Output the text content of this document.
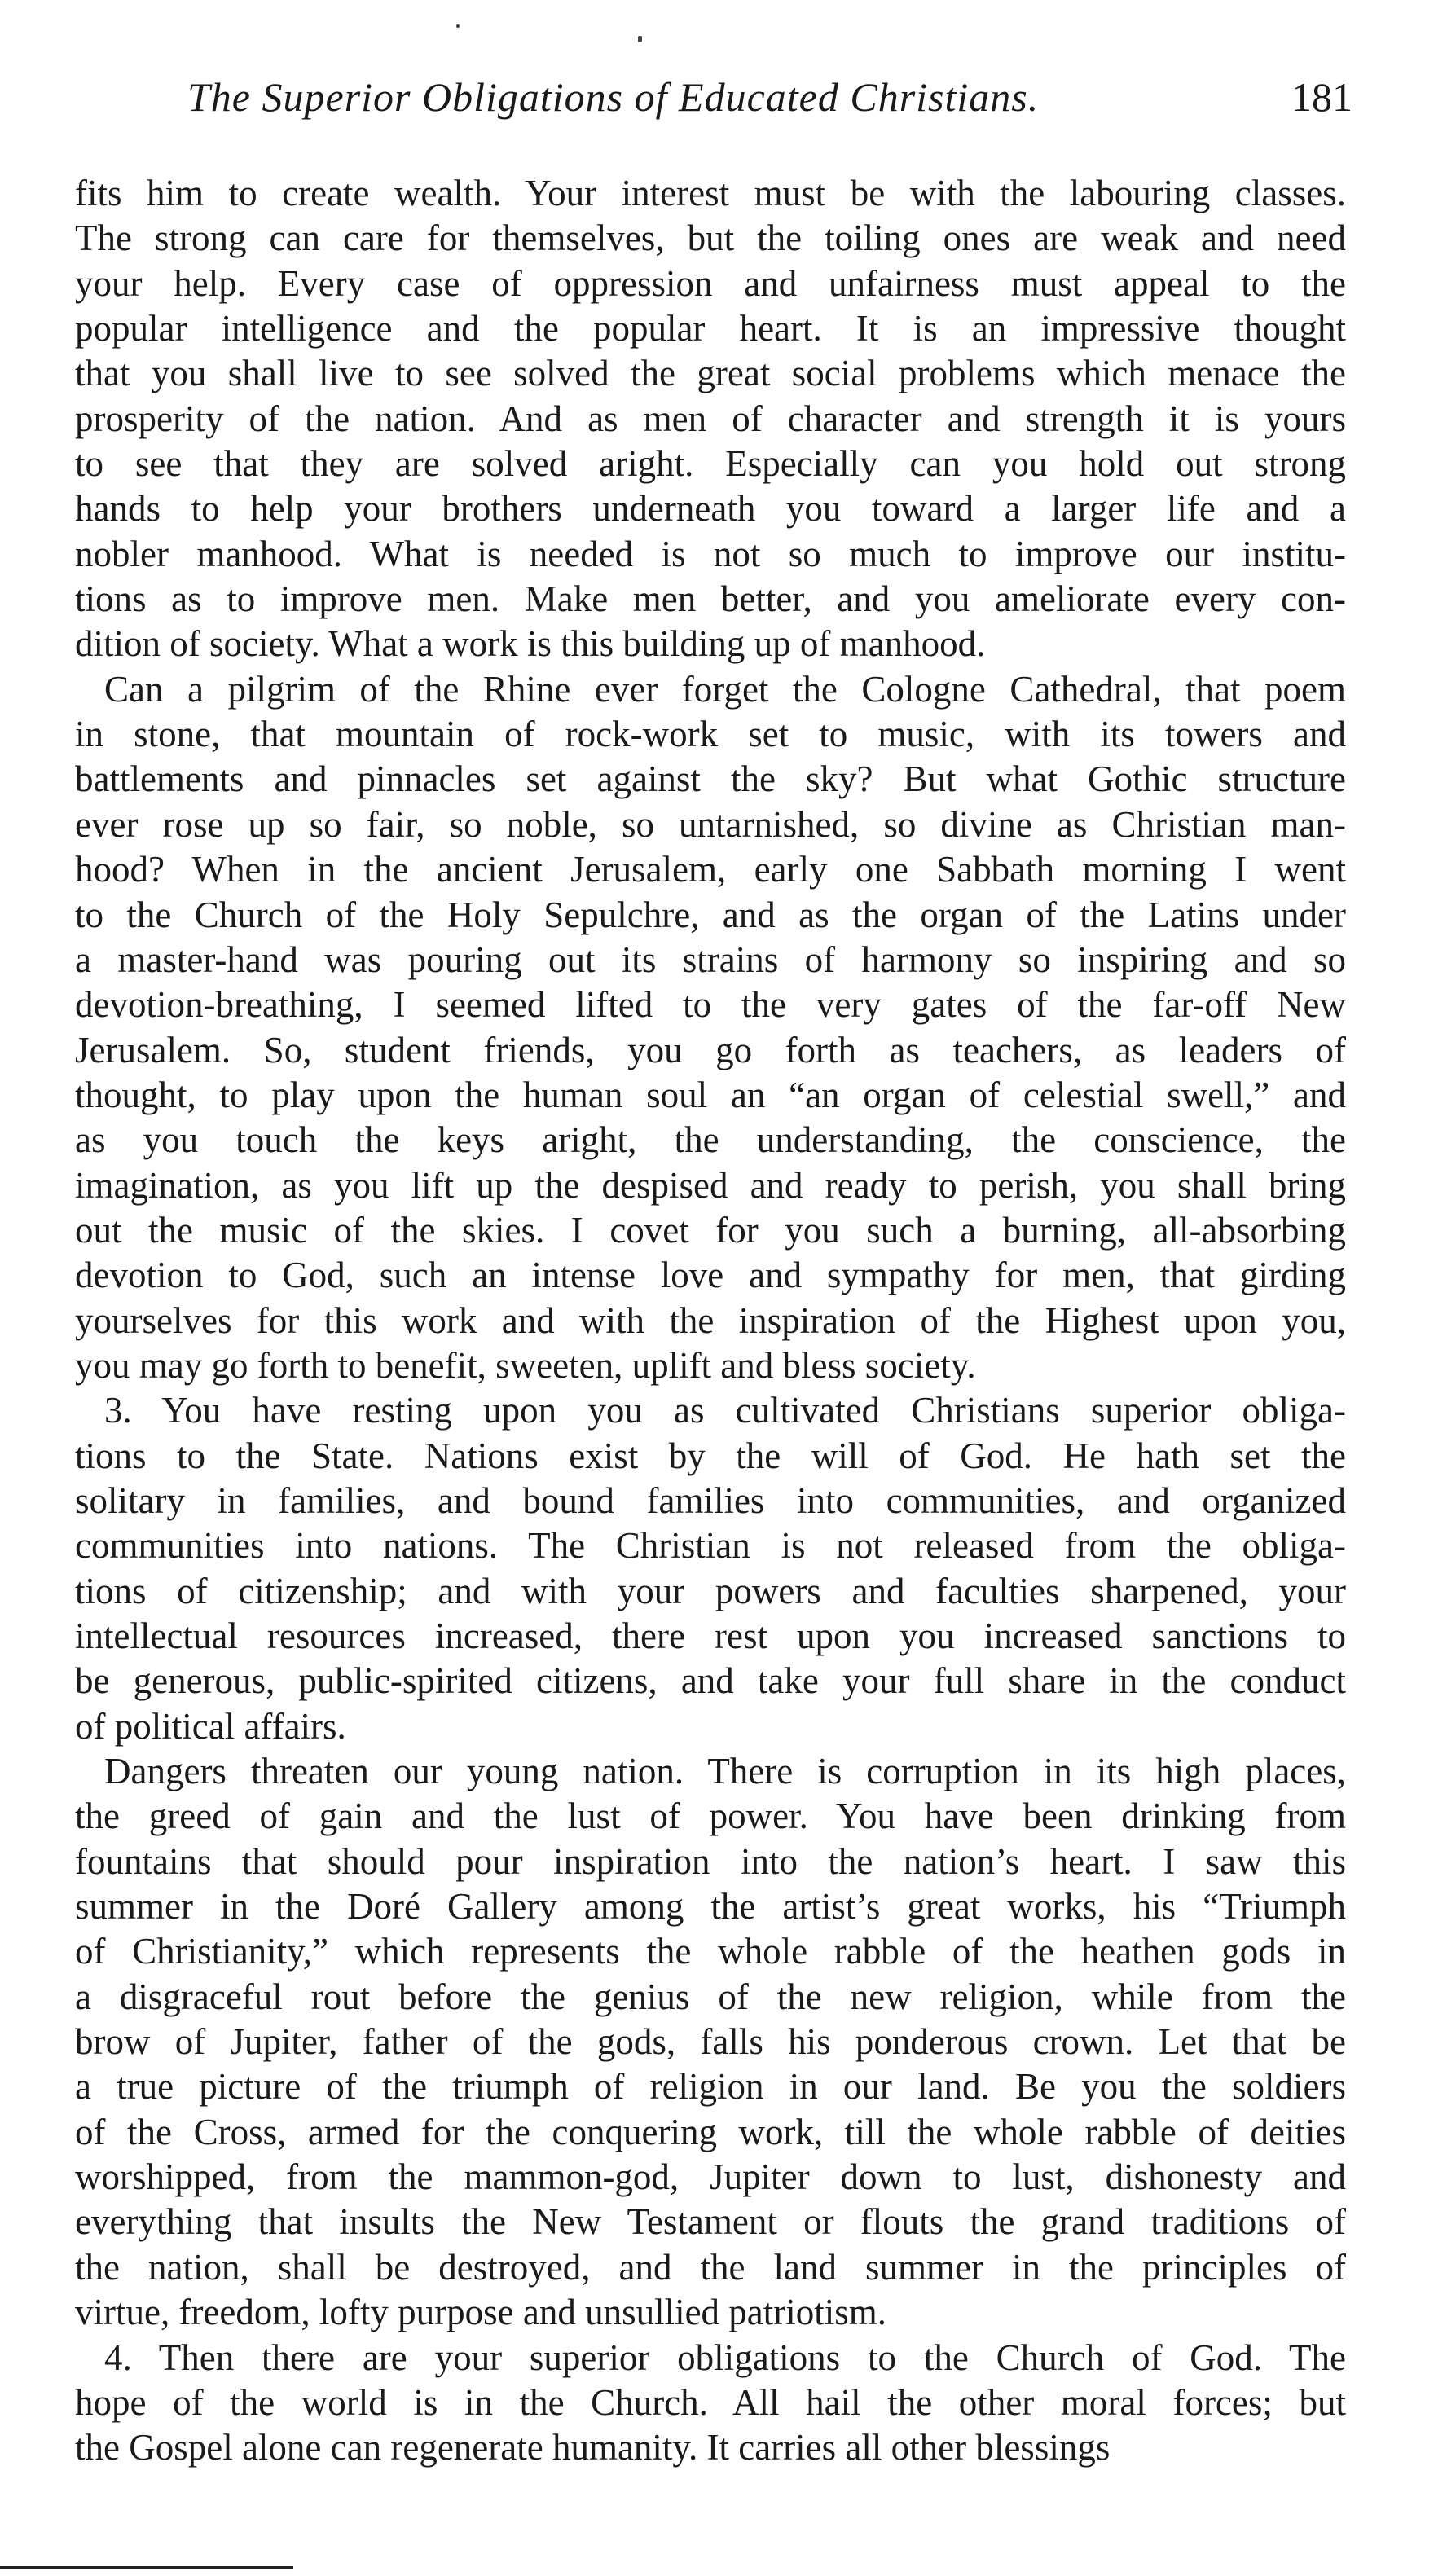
The Superior Obligations of Educated Christians.	181
fits him to create wealth. Your interest must be with the labouring classes.
The strong can care for themselves, but the toiling ones are weak and need
your help. Every case of oppression and unfairness must appeal to the
popular intelligence and the popular heart. It is an impressive thought
that you shall live to see solved the great social problems which menace the
prosperity of the nation. And as men of character and strength it is yours
to see that they are solved aright. Especially can you hold out strong
hands to help your brothers underneath you toward a larger life and a
nobler manhood. What is needed is not so much to improve our institu-
tions as to improve men. Make men better, and you ameliorate every con-
dition of society. What a work is this building up of manhood.
Can a pilgrim of the Rhine ever forget the Cologne Cathedral, that poem
in stone, that mountain of rock-work set to music, with its towers and
battlements and pinnacles set against the sky? But what Gothic structure
ever rose up so fair, so noble, so untarnished, so divine as Christian man-
hood? When in the ancient Jerusalem, early one Sabbath morning I went
to the Church of the Holy Sepulchre, and as the organ of the Latins under
a master-hand was pouring out its strains of harmony so inspiring and so
devotion-breathing, I seemed lifted to the very gates of the far-off New
Jerusalem. So, student friends, you go forth as teachers, as leaders of
thought, to play upon the human soul an “an organ of celestial swell,” and
as you touch the keys aright, the understanding, the conscience, the
imagination, as you lift up the despised and ready to perish, you shall bring
out the music of the skies. I covet for you such a burning, all-absorbing
devotion to God, such an intense love and sympathy for men, that girding
yourselves for this work and with the inspiration of the Highest upon you,
you may go forth to benefit, sweeten, uplift and bless society.
3. You have resting upon you as cultivated Christians superior obliga-
tions to the State. Nations exist by the will of God. He hath set the
solitary in families, and bound families into communities, and organized
communities into nations. The Christian is not released from the obliga-
tions of citizenship; and with your powers and faculties sharpened, your
intellectual resources increased, there rest upon you increased sanctions to
be generous, public-spirited citizens, and take your full share in the conduct
of political affairs.
Dangers threaten our young nation. There is corruption in its high places,
the greed of gain and the lust of power. You have been drinking from
fountains that should pour inspiration into the nation’s heart. I saw this
summer in the Doré Gallery among the artist’s great works, his “Triumph
of Christianity,” which represents the whole rabble of the heathen gods in
a disgraceful rout before the genius of the new religion, while from the
brow of Jupiter, father of the gods, falls his ponderous crown. Let that be
a true picture of the triumph of religion in our land. Be you the soldiers
of the Cross, armed for the conquering work, till the whole rabble of deities
worshipped, from the mammon-god, Jupiter down to lust, dishonesty and
everything that insults the New Testament or flouts the grand traditions of
the nation, shall be destroyed, and the land summer in the principles of
virtue, freedom, lofty purpose and unsullied patriotism.
4. Then there are your superior obligations to the Church of God. The
hope of the world is in the Church. All hail the other moral forces; but
the Gospel alone can regenerate humanity. It carries all other blessings
